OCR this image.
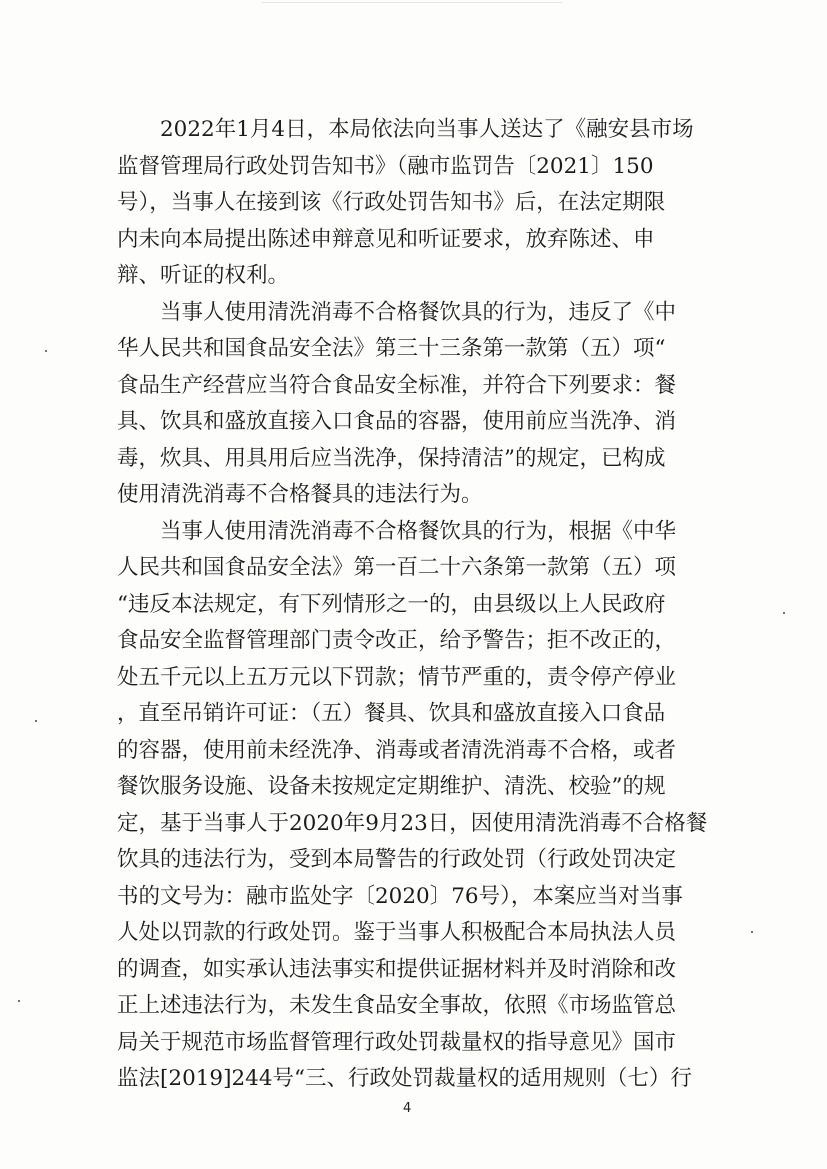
2022年1月4日，本局依法向当事人送达了《融安县市场
监督管理局行政处罚告知书》（融市监罚告〔2021〕150
号），当事人在接到该《行政处罚告知书》后，在法定期限
内未向本局提出陈述申辩意见和听证要求，放弃陈述、申
辩、听证的权利。
当事人使用清洗消毒不合格餐饮具的行为，违反了《中
华人民共和国食品安全法》第三十三条第一款第（五）项“
食品生产经营应当符合食品安全标准，并符合下列要求：餐
具、饮具和盛放直接入口食品的容器，使用前应当洗净、消
毒，炊具、用具用后应当洗净，保持清洁”的规定，已构成
使用清洗消毒不合格餐具的违法行为。
当事人使用清洗消毒不合格餐饮具的行为，根据《中华
人民共和国食品安全法》第一百二十六条第一款第（五）项
“违反本法规定，有下列情形之一的，由县级以上人民政府
食品安全监督管理部门责令改正，给予警告；拒不改正的，
处五千元以上五万元以下罚款；情节严重的，责令停产停业
，直至吊销许可证：（五）餐具、饮具和盛放直接入口食品
的容器，使用前未经洗净、消毒或者清洗消毒不合格，或者
餐饮服务设施、设备未按规定定期维护、清洗、校验”的规
定，基于当事人于2020年9月23日，因使用清洗消毒不合格餐
饮具的违法行为，受到本局警告的行政处罚（行政处罚决定
书的文号为：融市监处字〔2020〕76号），本案应当对当事
人处以罚款的行政处罚。鉴于当事人积极配合本局执法人员
的调查，如实承认违法事实和提供证据材料并及时消除和改
正上述违法行为，未发生食品安全事故，依照《市场监管总
局关于规范市场监督管理行政处罚裁量权的指导意见》国市
监法[2019]244号“三、行政处罚裁量权的适用规则（七）行
4
